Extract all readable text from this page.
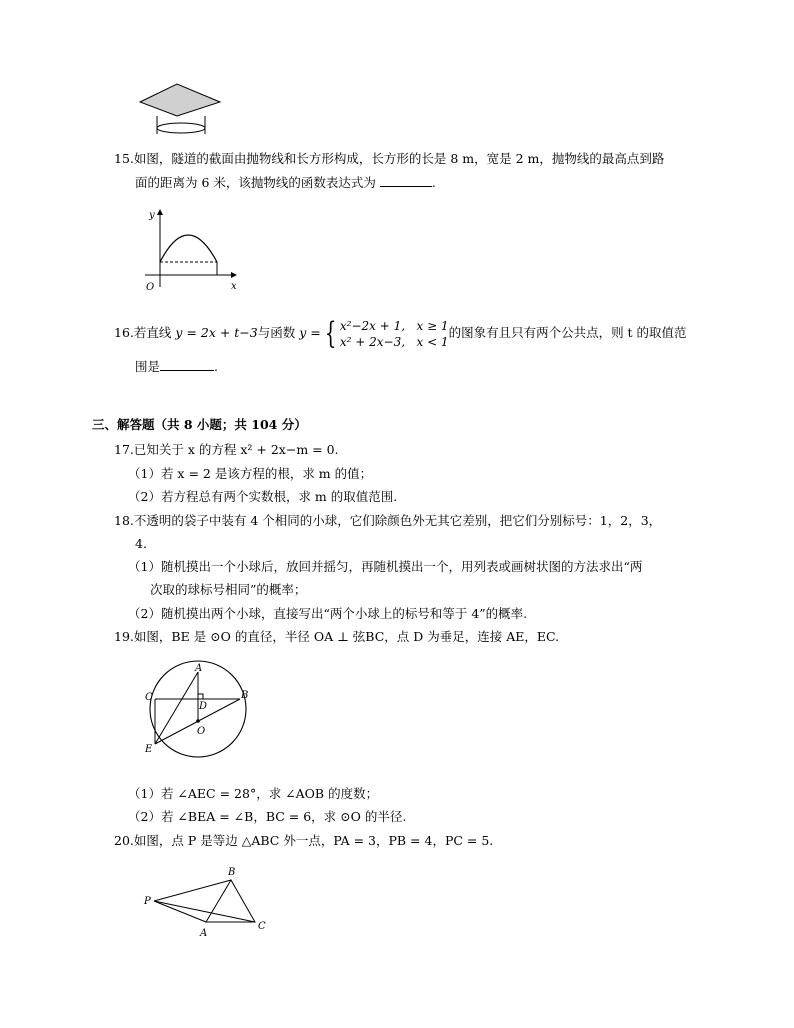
15.如图，隧道的截面由抛物线和长方形构成，长方形的长是 8 m，宽是 2 m，抛物线的最高点到路
面的距离为 6 米，该抛物线的函数表达式为	.
y
x
O
16.若直线 y = 2x + t−3与函数 y = { x²−2x + 1, x ≥ 1
x² + 2x−3, x < 1
的图象有且只有两个公共点，则 t 的取值范
围是	.
三、解答题（共 8 小题；共 104 分）
17.已知关于 x 的方程 x² + 2x−m = 0.
（1）若 x = 2 是该方程的根，求 m 的值；
（2）若方程总有两个实数根，求 m 的取值范围.
18.不透明的袋子中装有 4 个相同的小球，它们除颜色外无其它差别，把它们分别标号：1，2，3，
4.
（1）随机摸出一个小球后，放回并摇匀，再随机摸出一个，用列表或画树状图的方法求出“两
次取的球标号相同”的概率；
（2）随机摸出两个小球，直接写出“两个小球上的标号和等于 4”的概率.
19.如图，BE 是 ⊙O 的直径，半径 OA ⊥ 弦BC，点 D 为垂足，连接 AE，EC.
A
B
C
D
O
E
（1）若 ∠AEC = 28°，求 ∠AOB 的度数；
（2）若 ∠BEA = ∠B，BC = 6，求 ⊙O 的半径.
20.如图，点 P 是等边 △ABC 外一点，PA = 3，PB = 4，PC = 5.
P
B
A
C
